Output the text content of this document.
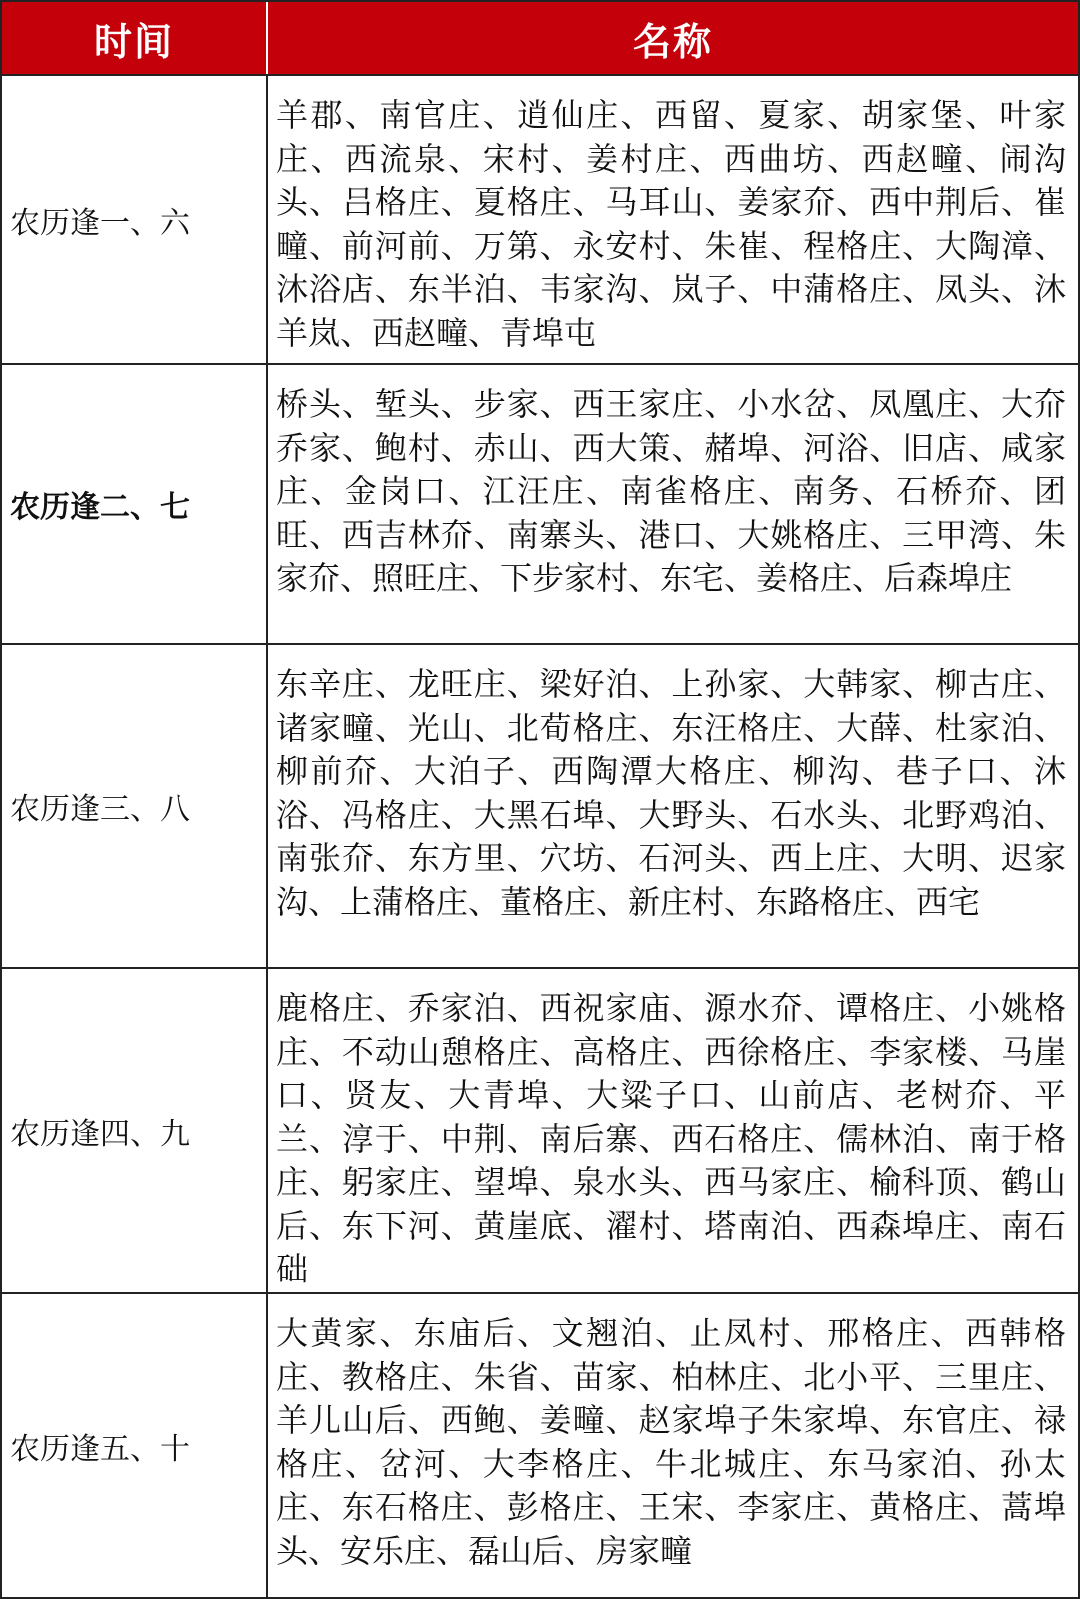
时间	名称
农历逢一、六
羊郡、南官庄、逍仙庄、西留、夏家、胡家堡、叶家庄、西流泉、宋村、姜村庄、西曲坊、西赵疃、闹沟头、吕格庄、夏格庄、马耳山、姜家夼、西中荆后、崔疃、前河前、万第、永安村、朱崔、程格庄、大陶漳、沐浴店、东半泊、韦家沟、岚子、中蒲格庄、凤头、沐羊岚、西赵疃、青埠屯
农历逢二、七
桥头、堑头、步家、西王家庄、小水岔、凤凰庄、大夼乔家、鲍村、赤山、西大策、赭埠、河浴、旧店、咸家庄、金岗口、江汪庄、南雀格庄、南务、石桥夼、团旺、西吉林夼、南寨头、港口、大姚格庄、三甲湾、朱家夼、照旺庄、下步家村、东宅、姜格庄、后森埠庄
农历逢三、八
东辛庄、龙旺庄、梁好泊、上孙家、大韩家、柳古庄、诸家疃、光山、北荀格庄、东汪格庄、大薛、杜家泊、柳前夼、大泊子、西陶潭大格庄、柳沟、巷子口、沐浴、冯格庄、大黑石埠、大野头、石水头、北野鸡泊、南张夼、东方里、穴坊、石河头、西上庄、大明、迟家沟、上蒲格庄、董格庄、新庄村、东路格庄、西宅
农历逢四、九
鹿格庄、乔家泊、西祝家庙、源水夼、谭格庄、小姚格庄、不动山憩格庄、高格庄、西徐格庄、李家楼、马崖口、贤友、大青埠、大粱子口、山前店、老树夼、平兰、淳于、中荆、南后寨、西石格庄、儒林泊、南于格庄、躬家庄、望埠、泉水头、西马家庄、榆科顶、鹤山后、东下河、黄崖底、濯村、塔南泊、西森埠庄、南石础
农历逢五、十
大黄家、东庙后、文翘泊、止凤村、邢格庄、西韩格庄、教格庄、朱省、苗家、柏林庄、北小平、三里庄、羊儿山后、西鲍、姜疃、赵家埠子朱家埠、东官庄、禄格庄、岔河、大李格庄、牛北城庄、东马家泊、孙太庄、东石格庄、彭格庄、王宋、李家庄、黄格庄、蒿埠头、安乐庄、磊山后、房家疃
